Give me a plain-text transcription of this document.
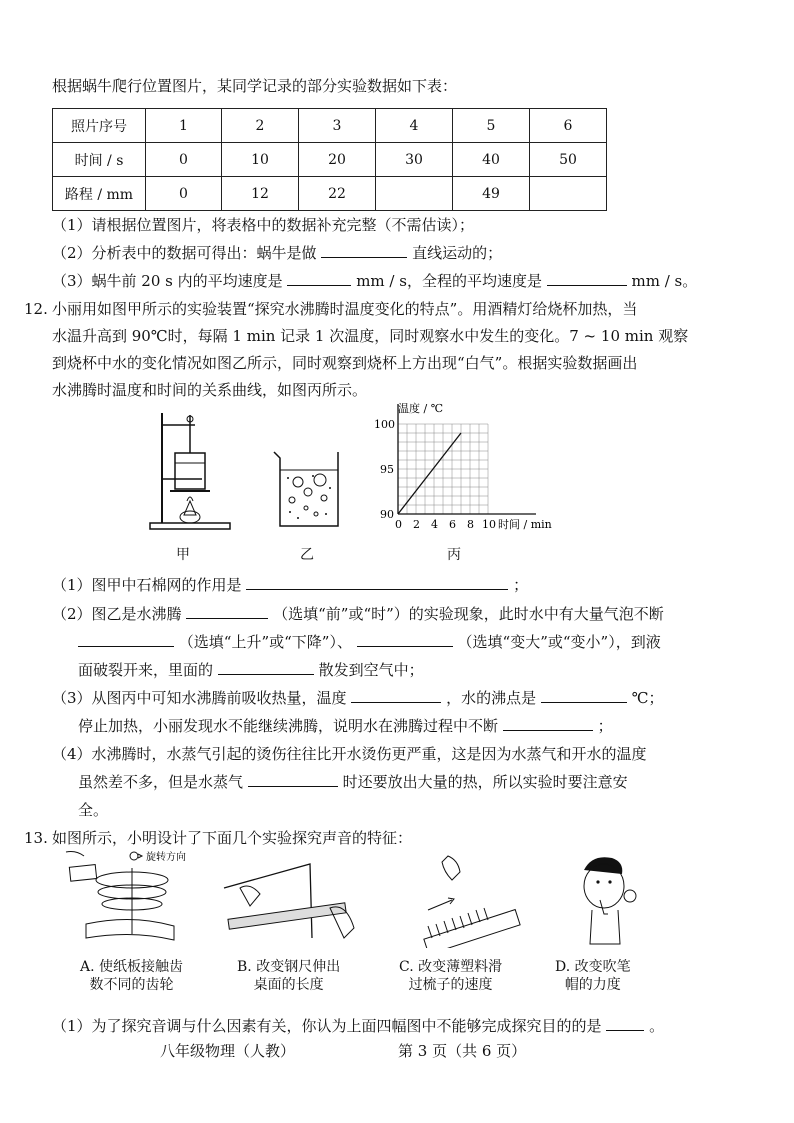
根据蜗牛爬行位置图片，某同学记录的部分实验数据如下表：
照片序号	1	2	3	4	5	6
时间 / s	0	10	20	30	40	50
路程 / mm	0	12	22		49	
（1）请根据位置图片，将表格中的数据补充完整（不需估读）；
（2）分析表中的数据可得出：蜗牛是做	直线运动的；
（3）蜗牛前 20 s 内的平均速度是	mm / s，全程的平均速度是	mm / s。
12. 小丽用如图甲所示的实验装置“探究水沸腾时温度变化的特点”。用酒精灯给烧杯加热，当
水温升高到 90℃时，每隔 1 min 记录 1 次温度，同时观察水中发生的变化。7 ~ 10 min 观察
到烧杯中水的变化情况如图乙所示，同时观察到烧杯上方出现“白气”。根据实验数据画出
水沸腾时温度和时间的关系曲线，如图丙所示。
温度 / ℃
100
95
90
0 2 4 6 8 10 时间 / min
甲	乙	丙
（1）图甲中石棉网的作用是	；
（2）图乙是水沸腾	（选填“前”或“时”）的实验现象，此时水中有大量气泡不断
（选填“上升”或“下降”）、	（选填“变大”或“变小”），到液
面破裂开来，里面的	散发到空气中；
（3）从图丙中可知水沸腾前吸收热量，温度	，水的沸点是	℃；
停止加热，小丽发现水不能继续沸腾，说明水在沸腾过程中不断	；
（4）水沸腾时，水蒸气引起的烫伤往往比开水烫伤更严重，这是因为水蒸气和开水的温度
虽然差不多，但是水蒸气	时还要放出大量的热，所以实验时要注意安
全。
13. 如图所示，小明设计了下面几个实验探究声音的特征：
旋转方向
A. 使纸板接触齿
数不同的齿轮
B. 改变钢尺伸出
桌面的长度
C. 改变薄塑料滑
过梳子的速度
D. 改变吹笔
帽的力度
（1）为了探究音调与什么因素有关，你认为上面四幅图中不能够完成探究目的的是	。
八年级物理（人教）	第 3 页（共 6 页）
